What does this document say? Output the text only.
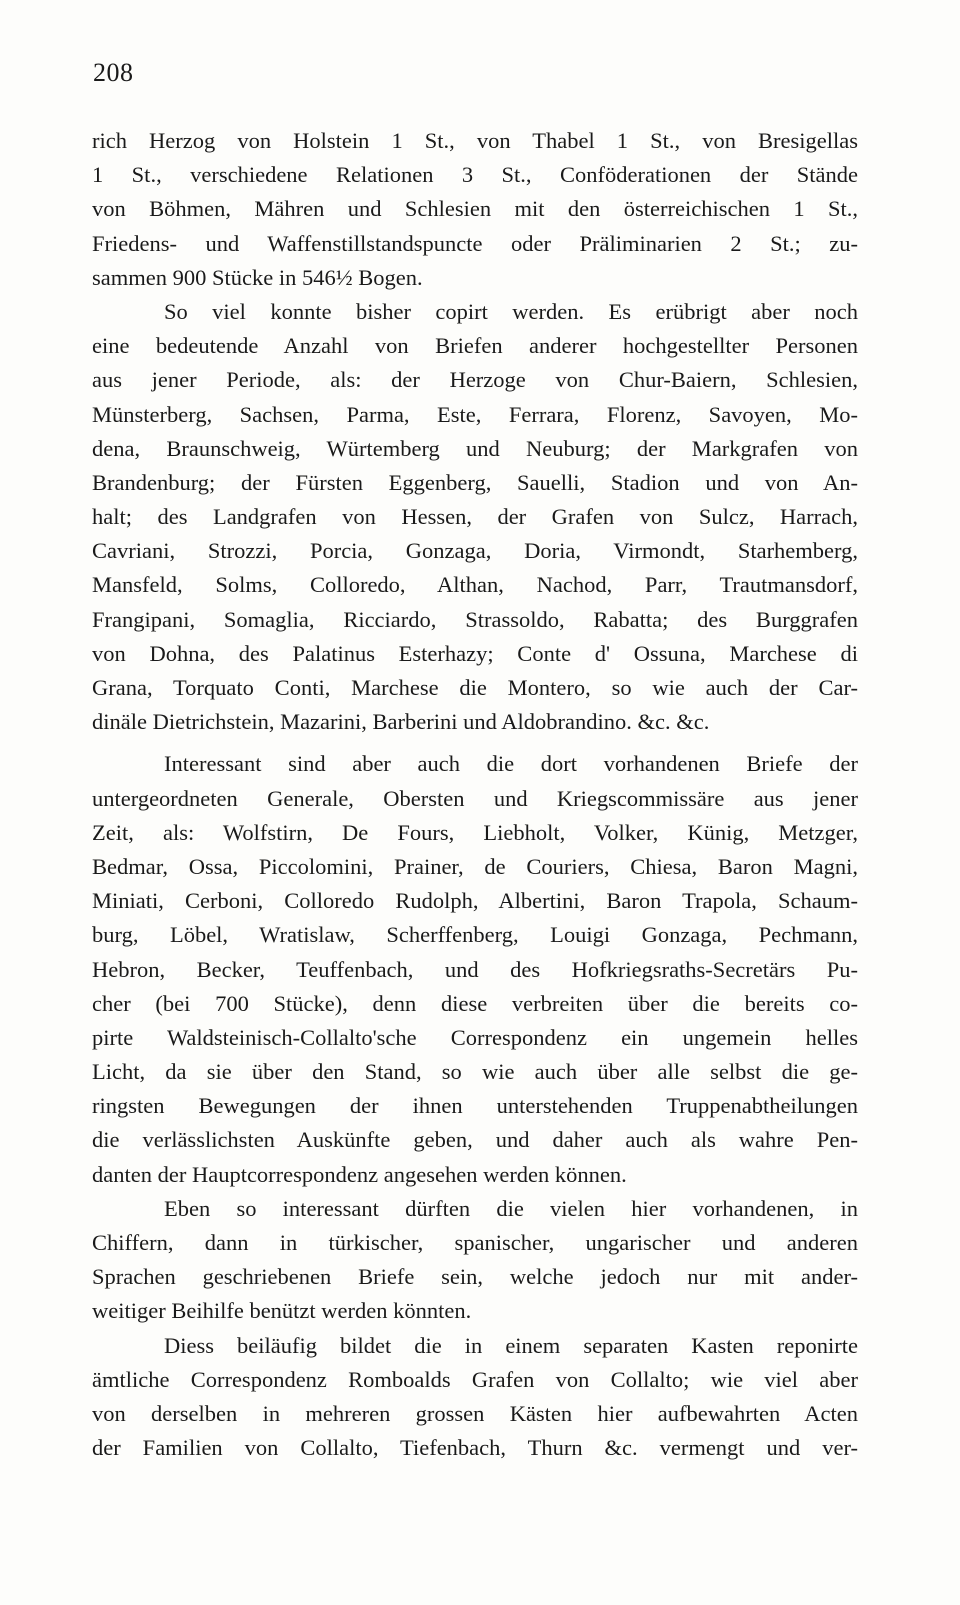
208
rich Herzog von Holstein 1 St., von Thabel 1 St., von Bresigellas
1 St., verschiedene Relationen 3 St., Conföderationen der Stände
von Böhmen, Mähren und Schlesien mit den österreichischen 1 St.,
Friedens- und Waffenstillstandspuncte oder Präliminarien 2 St.; zu-
sammen 900 Stücke in 546½ Bogen.
So viel konnte bisher copirt werden. Es erübrigt aber noch
eine bedeutende Anzahl von Briefen anderer hochgestellter Personen
aus jener Periode, als: der Herzoge von Chur-Baiern, Schlesien,
Münsterberg, Sachsen, Parma, Este, Ferrara, Florenz, Savoyen, Mo-
dena, Braunschweig, Würtemberg und Neuburg; der Markgrafen von
Brandenburg; der Fürsten Eggenberg, Sauelli, Stadion und von An-
halt; des Landgrafen von Hessen, der Grafen von Sulcz, Harrach,
Cavriani, Strozzi, Porcia, Gonzaga, Doria, Virmondt, Starhemberg,
Mansfeld, Solms, Colloredo, Althan, Nachod, Parr, Trautmansdorf,
Frangipani, Somaglia, Ricciardo, Strassoldo, Rabatta; des Burggrafen
von Dohna, des Palatinus Esterhazy; Conte d' Ossuna, Marchese di
Grana, Torquato Conti, Marchese die Montero, so wie auch der Car-
dinäle Dietrichstein, Mazarini, Barberini und Aldobrandino. &c. &c.
Interessant sind aber auch die dort vorhandenen Briefe der
untergeordneten Generale, Obersten und Kriegscommissäre aus jener
Zeit, als: Wolfstirn, De Fours, Liebholt, Volker, Künig, Metzger,
Bedmar, Ossa, Piccolomini, Prainer, de Couriers, Chiesa, Baron Magni,
Miniati, Cerboni, Colloredo Rudolph, Albertini, Baron Trapola, Schaum-
burg, Löbel, Wratislaw, Scherffenberg, Louigi Gonzaga, Pechmann,
Hebron, Becker, Teuffenbach, und des Hofkriegsraths-Secretärs Pu-
cher (bei 700 Stücke), denn diese verbreiten über die bereits co-
pirte Waldsteinisch-Collalto'sche Correspondenz ein ungemein helles
Licht, da sie über den Stand, so wie auch über alle selbst die ge-
ringsten Bewegungen der ihnen unterstehenden Truppenabtheilungen
die verlässlichsten Auskünfte geben, und daher auch als wahre Pen-
danten der Hauptcorrespondenz angesehen werden können.
Eben so interessant dürften die vielen hier vorhandenen, in
Chiffern, dann in türkischer, spanischer, ungarischer und anderen
Sprachen geschriebenen Briefe sein, welche jedoch nur mit ander-
weitiger Beihilfe benützt werden könnten.
Diess beiläufig bildet die in einem separaten Kasten reponirte
ämtliche Correspondenz Romboalds Grafen von Collalto; wie viel aber
von derselben in mehreren grossen Kästen hier aufbewahrten Acten
der Familien von Collalto, Tiefenbach, Thurn &c. vermengt und ver-
